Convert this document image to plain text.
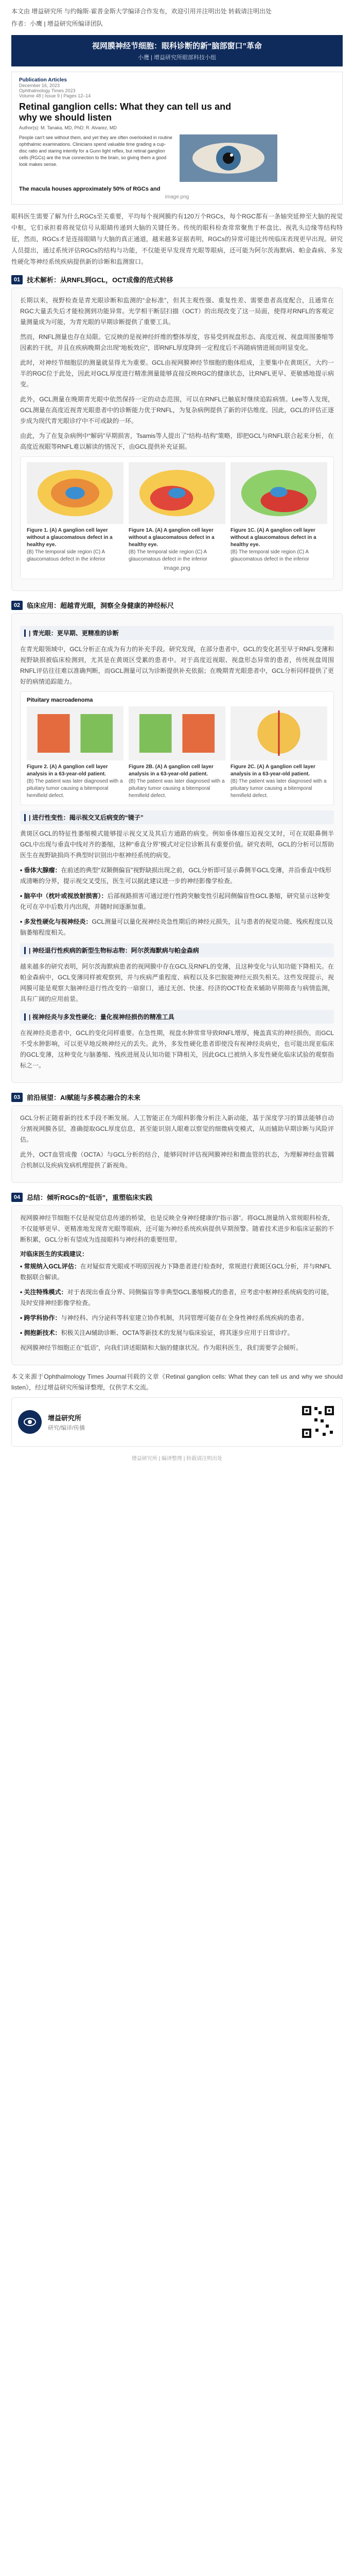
本文由 增益研究所 与约翰斯·霍普金斯大学编译合作发布，欢迎引用并注明出处 转载请注明出处
作者：小鹰 | 增益研究所编译团队
视网膜神经节细胞：眼科诊断的新“脑部窗口”革命
小鹰 | 增益研究所眼部科技小组
Publication Articles
December 16, 2023
Ophthalmology Times 2023
Volume 48 | Issue 9 | Pages 12–14
Retinal ganglion cells: What they can tell us and why we should listen
Author(s): M. Tanaka, MD, PhD; R. Alvarez, MD
People can't see without them, and yet they are often overlooked in routine ophthalmic examinations. Clinicians spend valuable time grading a cup-disc ratio and staring intently for a Gunn light reflex, but retinal ganglion cells (RGCs) are the true connection to the brain, so giving them a good look makes sense.
The macula houses approximately 50% of RGCs and
image.png

眼科医生需要了解为什么RGCs至关重要，平均每个视网膜约有120万个RGCs，每个RGC都有一条轴突延伸至大脑的视觉中枢，它们承担着将视觉信号从眼睛传递到大脑的关键任务。传统的眼科检查常常聚焦于杯盘比、视乳头边缘等结构特征，然而，RGCs才是连接眼睛与大脑的真正通道，越来越多证据表明，RGCs的异常可能比传统临床表现更早出现。研究人员提出，通过系统评估RGCs的结构与功能，不仅能更早发现青光眼等眼病，还可能为阿尔茨海默病、帕金森病、多发性硬化等神经系统疾病提供新的诊断和监测窗口。

01 技术解析：从RNFL到GCL，OCT成像的范式转移

长期以来，视野检查是青光眼诊断和监测的“金标准”，但其主观性强、重复性差、需要患者高度配合，且通常在RGC大量丢失后才能检测到功能异常。光学相干断层扫描（OCT）的出现改变了这一局面，使得对RNFL的客观定量测量成为可能，为青光眼的早期诊断提供了重要工具。

然而，RNFL测量也存在局限。它反映的是视神经纤维的整体厚度，容易受到视盘形态、高度近视、视盘周围萎缩等因素的干扰，并且在疾病晚期会出现“地板效应”，即RNFL厚度降到一定程度后不再随病情进展而明显变化。

此时，对神经节细胞层的测量就显得尤为重要。GCL由视网膜神经节细胞的胞体组成，主要集中在黄斑区，大约一半的RGC位于此处，因此对GCL厚度进行精准测量能够直接反映RGC的健康状态，比RNFL更早、更敏感地提示病变。

此外，GCL测量在晚期青光眼中依然保持一定的动态范围，可以在RNFL已触底时继续追踪病情。Lee等人发现，GCL测量在高度近视青光眼患者中的诊断能力优于RNFL，为复杂病例提供了新的评估维度。因此，GCL的评估正逐步成为现代青光眼诊疗中不可或缺的一环。

由此，为了在复杂病例中“解码”早期损害，Tsamis等人提出了“结构-结构”策略，即把GCL与RNFL联合起来分析，在高度近视眼等RNFL难以解读的情况下，由GCL提供补充证据。

Figure 1. (A) A ganglion cell layer without a glaucomatous defect in a healthy eye.
(B) The temporal side region (C) A glaucomatous defect in the inferior
Figure 1A. (A) A ganglion cell layer without a glaucomatous defect in a healthy eye.
(B) The temporal side region (C) A glaucomatous defect in the inferior
Figure 1C. (A) A ganglion cell layer without a glaucomatous defect in a healthy eye.
(B) The temporal side region (C) A glaucomatous defect in the inferior
image.png
02 临床应用：超越青光眼，洞察全身健康的神经标尺
| 青光眼：更早期、更精准的诊断

在青光眼领域中，GCL分析正在成为有力的补充手段。研究发现，在部分患者中，GCL的变化甚至早于RNFL变薄和视野缺损被临床检测到，尤其是在黄斑区受累的患者中。对于高度近视眼、视盘形态异常的患者，传统视盘周围RNFL评估往往难以准确判断，而GCL测量可以为诊断提供补充依据；在晚期青光眼患者中，GCL分析同样提供了更好的病情追踪能力。

Pituitary macroadenoma
Figure 2. (A) A ganglion cell layer analysis in a 63-year-old patient.
(B) The patient was later diagnosed with a pituitary tumor causing a bitemporal hemifield defect.
Figure 2B. (A) A ganglion cell layer analysis in a 63-year-old patient.
(B) The patient was later diagnosed with a pituitary tumor causing a bitemporal hemifield defect.
Figure 2C. (A) A ganglion cell layer analysis in a 63-year-old patient.
(B) The patient was later diagnosed with a pituitary tumor causing a bitemporal hemifield defect.
| 进行性变性：揭示视交叉后病变的“镜子”

黄斑区GCL的特征性萎缩模式能够提示视交叉及其后方通路的病变。例如垂体瘤压迫视交叉时，可在双眼鼻侧半GCL中出现与垂直中线对齐的萎缩，这种“垂直分界”模式对定位诊断具有重要价值。研究表明，GCL的分析可以帮助医生在视野缺损尚不典型时识别出中枢神经系统的病变。

• 垂体大腺瘤：在前述的典型“双颞侧偏盲”视野缺损出现之前，GCL分析即可显示鼻侧半GCL变薄，并沿垂直中线形成清晰的分界，提示视交叉受压，医生可以据此建议进一步的神经影像学检查。

• 脑卒中（枕叶或视放射损害）：后部视路损害可通过逆行性跨突触变性引起同侧偏盲性GCL萎缩，研究显示这种变化可在卒中后数月内出现，并随时间逐渐加重。

• 多发性硬化与视神经炎：GCL测量可以量化视神经炎急性期后的神经元损失，且与患者的视觉功能、残疾程度以及脑萎缩程度相关。

| 神经退行性疾病的新型生物标志物：阿尔茨海默病与帕金森病

越来越多的研究表明，阿尔茨海默病患者的视网膜中存在GCL及RNFL的变薄，且这种变化与认知功能下降相关。在帕金森病中，GCL变薄同样被观察到，并与疾病严重程度、病程以及多巴胺能神经元损失相关。这些发现提示，视网膜可能是观察大脑神经退行性改变的一扇窗口，通过无创、快速、经济的OCT检查来辅助早期筛查与病情监测，具有广阔的应用前景。

| 视神经炎与多发性硬化：量化视神经损伤的精准工具

在视神经炎患者中，GCL的变化同样重要。在急性期，视盘水肿常常导致RNFL增厚，掩盖真实的神经损伤，而GCL不受水肿影响，可以更早地反映神经元的丢失。此外，多发性硬化患者即使没有视神经炎病史，也可能出现亚临床的GCL变薄，这种变化与脑萎缩、残疾进展及认知功能下降相关，因此GCL已被纳入多发性硬化临床试验的观察指标之一。

03 前沿展望：AI赋能与多模态融合的未来

GCL分析正随着新的技术手段不断发展。人工智能正在为眼科影像分析注入新动能，基于深度学习的算法能够自动分割视网膜各层，准确提取GCL厚度信息，甚至能识别人眼难以察觉的细微病变模式，从而辅助早期诊断与风险评估。

此外，OCT血管成像（OCTA）与GCL分析的结合，能够同时评估视网膜神经和微血管的状态，为理解神经血管耦合机制以及疾病发病机理提供了新视角。

04 总结：倾听RGCs的“低语”，重塑临床实践

视网膜神经节细胞不仅是视觉信息传递的桥梁，也是反映全身神经健康的“指示器”。将GCL测量纳入常规眼科检查，不仅能够更早、更精准地发现青光眼等眼病，还可能为神经系统疾病提供早期预警。随着技术进步和临床证据的不断积累，GCL分析有望成为连接眼科与神经科的重要纽带。

对临床医生的实践建议：

• 常规纳入GCL评估：在对疑似青光眼或不明原因视力下降患者进行检查时，常规进行黄斑区GCL分析，并与RNFL数据联合解读。

• 关注特殊模式：对于表现出垂直分界、同侧偏盲等非典型GCL萎缩模式的患者，应考虑中枢神经系统病变的可能，及时安排神经影像学检查。

• 跨学科协作：与神经科、内分泌科等科室建立协作机制，共同管理可能存在全身性神经系统疾病的患者。

• 拥抱新技术：积极关注AI辅助诊断、OCTA等新技术的发展与临床验证，将其逐步应用于日常诊疗。

视网膜神经节细胞正在“低语”，向我们讲述眼睛和大脑的健康状况。作为眼科医生，我们需要学会倾听。

本文来源于Ophthalmology Times Journal刊载的文章《Retinal ganglion cells: What they can tell us and why we should listen》，经过增益研究所编译整理，仅供学术交流。

增益研究所
研究/编译/传播
增益研究所 | 编译整理 | 转载请注明出处
